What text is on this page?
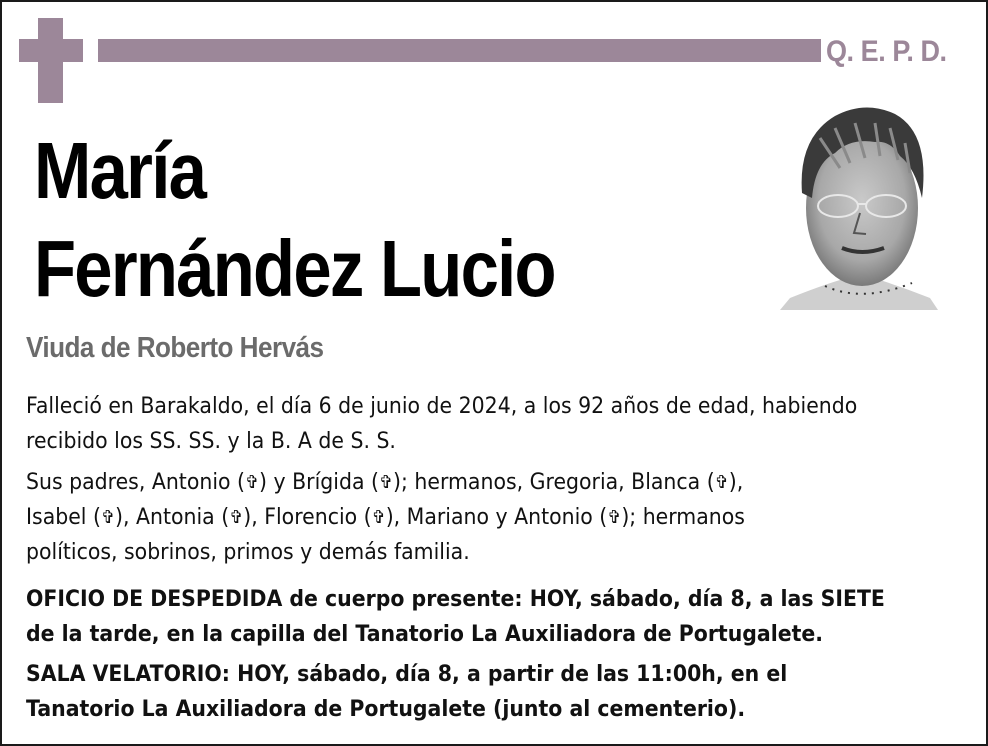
Q. E. P. D.
María
Fernández Lucio
Viuda de Roberto Hervás

Falleció en Barakaldo, el día 6 de junio de 2024, a los 92 años de edad, habiendo

recibido los SS. SS. y la B. A de S. S.

Sus padres, Antonio (✞) y Brígida (✞); hermanos, Gregoria, Blanca (✞),

Isabel (✞), Antonia (✞), Florencio (✞), Mariano y Antonio (✞); hermanos

políticos, sobrinos, primos y demás familia.

OFICIO DE DESPEDIDA de cuerpo presente: HOY, sábado, día 8, a las SIETE

de la tarde, en la capilla del Tanatorio La Auxiliadora de Portugalete.

SALA VELATORIO: HOY, sábado, día 8, a partir de las 11:00h, en el

Tanatorio La Auxiliadora de Portugalete (junto al cementerio).
